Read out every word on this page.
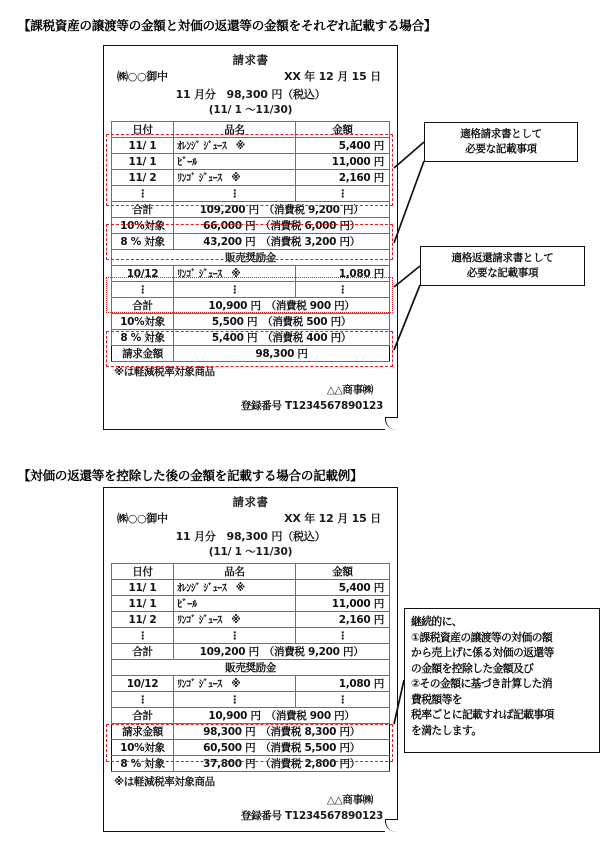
【課税資産の譲渡等の金額と対価の返還等の金額をそれぞれ記載する場合】
請求書
㈱○○御中	XX 年 12 月 15 日
11 月分　98,300 円（税込）
(11/ 1 〜11/30)
日付	品名	金額
11/ 1	ｵﾚﾝｼﾞ ｼﾞｭｰｽ　※	5,400 円
11/ 1	ﾋﾞｰﾙ	11,000 円
11/ 2	ﾘﾝｺﾞ ｼﾞｭｰｽ　※	2,160 円
⋮	⋮	⋮
合計	109,200 円　（消費税 9,200 円）	
10%対象	66,000 円　（消費税 6,000 円）	
8 % 対象	43,200 円　（消費税 3,200 円）	
販売奨励金		
10/12	ﾘﾝｺﾞ ｼﾞｭｰｽ　※	1,080 円
⋮	⋮	⋮
合計	10,900 円　（消費税 900 円）	
10%対象	5,500 円　（消費税 500 円）	
8 % 対象	5,400 円　（消費税 400 円）	
請求金額	98,300 円	
※は軽減税率対象商品
△△商事㈱
登録番号 T1234567890123
適格請求書として
必要な記載事項
適格返還請求書として
必要な記載事項
【対価の返還等を控除した後の金額を記載する場合の記載例】
請求書
㈱○○御中	XX 年 12 月 15 日
11 月分　98,300 円（税込）
(11/ 1 〜11/30)
日付	品名	金額
11/ 1	ｵﾚﾝｼﾞ ｼﾞｭｰｽ　※	5,400 円
11/ 1	ﾋﾞｰﾙ	11,000 円
11/ 2	ﾘﾝｺﾞ ｼﾞｭｰｽ　※	2,160 円
⋮	⋮	⋮
合計	109,200 円　（消費税 9,200 円）	
販売奨励金		
10/12	ﾘﾝｺﾞ ｼﾞｭｰｽ　※	1,080 円
⋮	⋮	⋮
合計	10,900 円　（消費税 900 円）	
請求金額	98,300 円　（消費税 8,300 円）	
10%対象	60,500 円　（消費税 5,500 円）	
8 % 対象	37,800 円　（消費税 2,800 円）	
※は軽減税率対象商品
△△商事㈱
登録番号 T1234567890123
継続的に、
①課税資産の譲渡等の対価の額
から売上げに係る対価の返還等
の金額を控除した金額及び
②その金額に基づき計算した消
費税額等を
税率ごとに記載すれば記載事項
を満たします。
